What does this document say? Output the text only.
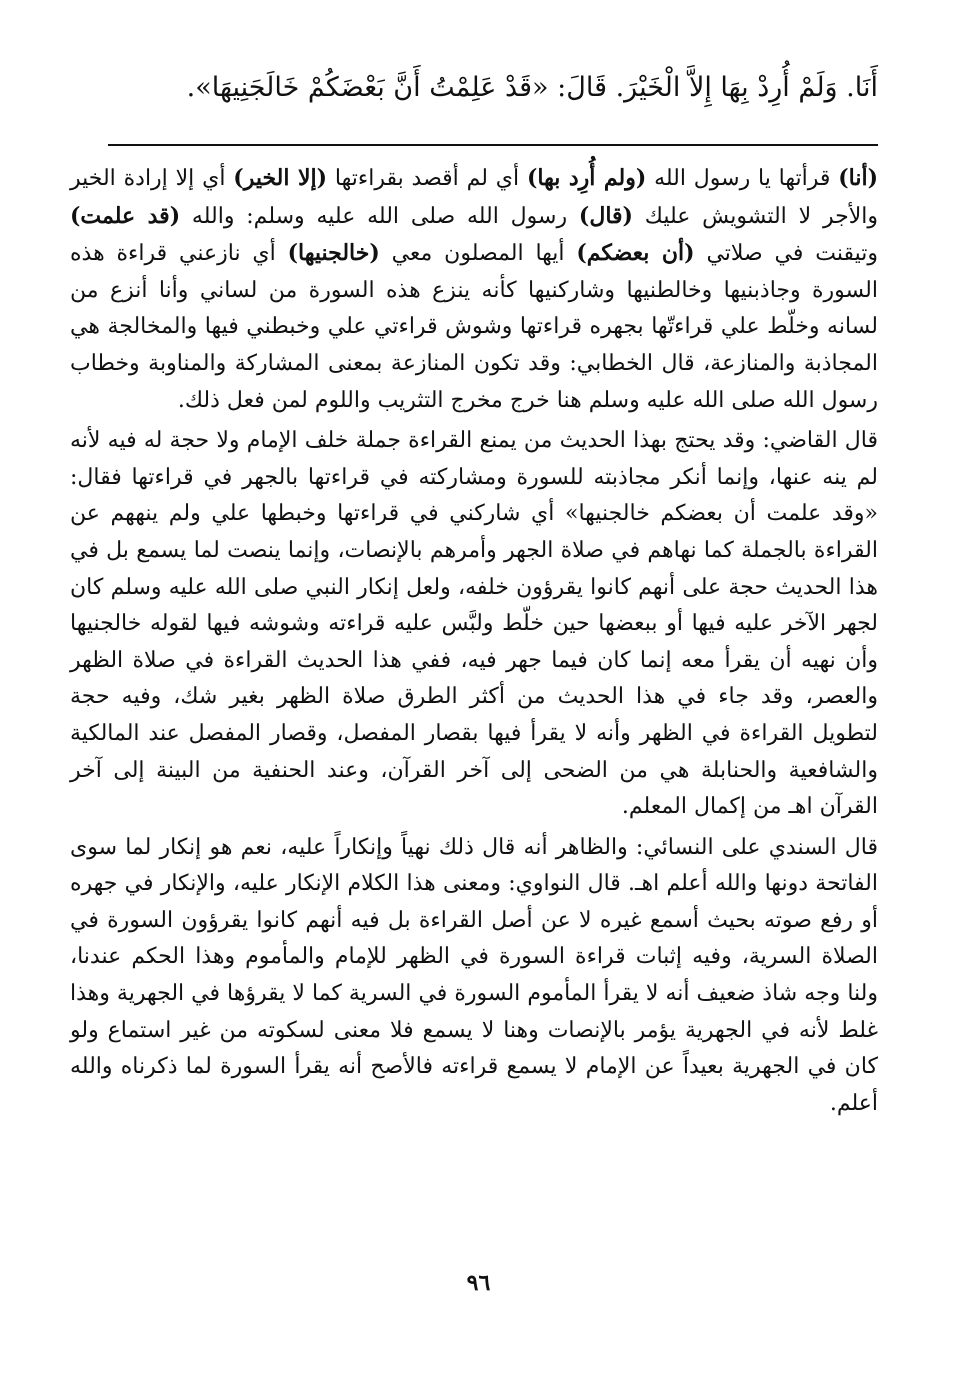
أَنَا. وَلَمْ أُرِدْ بِهَا إِلاَّ الْخَيْرَ. قَالَ: «قَدْ عَلِمْتُ أَنَّ بَعْضَكُمْ خَالَجَنِيهَا».
(أنا) قرأتها يا رسول الله (ولم أُرِد بها) أي لم أقصد بقراءتها (إلا الخير) أي إلا إرادة الخير والأجر لا التشويش عليك (قال) رسول الله صلى الله عليه وسلم: والله (قد علمت) وتيقنت في صلاتي (أن بعضكم) أيها المصلون معي (خالجنيها) أي نازعني قراءة هذه السورة وجاذبنيها وخالطنيها وشاركنيها كأنه ينزع هذه السورة من لساني وأنا أنزع من لسانه وخلّط علي قراءتّها بجهره قراءتها وشوش قراءتي علي وخبطني فيها والمخالجة هي المجاذبة والمنازعة، قال الخطابي: وقد تكون المنازعة بمعنى المشاركة والمناوبة وخطاب رسول الله صلى الله عليه وسلم هنا خرج مخرج التثريب واللوم لمن فعل ذلك.
قال القاضي: وقد يحتج بهذا الحديث من يمنع القراءة جملة خلف الإمام ولا حجة له فيه لأنه لم ينه عنها، وإنما أنكر مجاذبته للسورة ومشاركته في قراءتها بالجهر في قراءتها فقال: «وقد علمت أن بعضكم خالجنيها» أي شاركني في قراءتها وخبطها علي ولم ينههم عن القراءة بالجملة كما نهاهم في صلاة الجهر وأمرهم بالإنصات، وإنما ينصت لما يسمع بل في هذا الحديث حجة على أنهم كانوا يقرؤون خلفه، ولعل إنكار النبي صلى الله عليه وسلم كان لجهر الآخر عليه فيها أو ببعضها حين خلّط ولبَّس عليه قراءته وشوشه فيها لقوله خالجنيها وأن نهيه أن يقرأ معه إنما كان فيما جهر فيه، ففي هذا الحديث القراءة في صلاة الظهر والعصر، وقد جاء في هذا الحديث من أكثر الطرق صلاة الظهر بغير شك، وفيه حجة لتطويل القراءة في الظهر وأنه لا يقرأ فيها بقصار المفصل، وقصار المفصل عند المالكية والشافعية والحنابلة هي من الضحى إلى آخر القرآن، وعند الحنفية من البينة إلى آخر القرآن اهـ من إكمال المعلم.
قال السندي على النسائي: والظاهر أنه قال ذلك نهياً وإنكاراً عليه، نعم هو إنكار لما سوى الفاتحة دونها والله أعلم اهـ. قال النواوي: ومعنى هذا الكلام الإنكار عليه، والإنكار في جهره أو رفع صوته بحيث أسمع غيره لا عن أصل القراءة بل فيه أنهم كانوا يقرؤون السورة في الصلاة السرية، وفيه إثبات قراءة السورة في الظهر للإمام والمأموم وهذا الحكم عندنا، ولنا وجه شاذ ضعيف أنه لا يقرأ المأموم السورة في السرية كما لا يقرؤها في الجهرية وهذا غلط لأنه في الجهرية يؤمر بالإنصات وهنا لا يسمع فلا معنى لسكوته من غير استماع ولو كان في الجهرية بعيداً عن الإمام لا يسمع قراءته فالأصح أنه يقرأ السورة لما ذكرناه والله أعلم.
٩٦
